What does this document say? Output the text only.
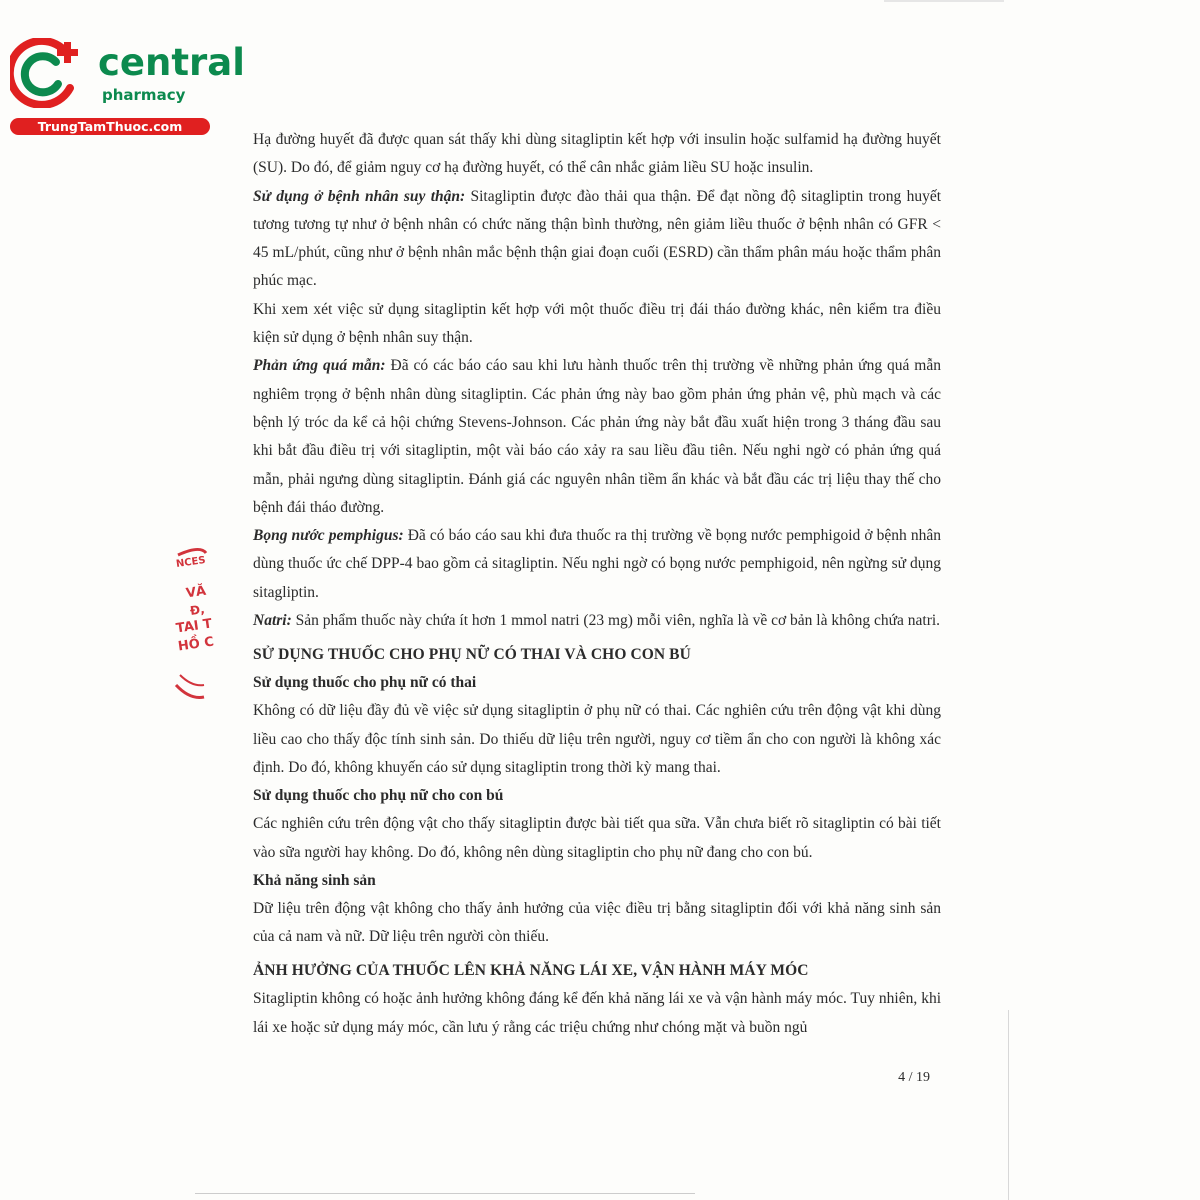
central
pharmacy
TrungTamThuoc.com
NCES
VĂ
Đ,
TAI T
HỒ C

Hạ đường huyết đã được quan sát thấy khi dùng sitagliptin kết hợp với insulin hoặc sulfamid hạ đường huyết (SU). Do đó, để giảm nguy cơ hạ đường huyết, có thể cân nhắc giảm liều SU hoặc insulin.

Sử dụng ở bệnh nhân suy thận: Sitagliptin được đào thải qua thận. Để đạt nồng độ sitagliptin trong huyết tương tương tự như ở bệnh nhân có chức năng thận bình thường, nên giảm liều thuốc ở bệnh nhân có GFR < 45 mL/phút, cũng như ở bệnh nhân mắc bệnh thận giai đoạn cuối (ESRD) cần thẩm phân máu hoặc thẩm phân phúc mạc.

Khi xem xét việc sử dụng sitagliptin kết hợp với một thuốc điều trị đái tháo đường khác, nên kiểm tra điều kiện sử dụng ở bệnh nhân suy thận.

Phản ứng quá mẫn: Đã có các báo cáo sau khi lưu hành thuốc trên thị trường về những phản ứng quá mẫn nghiêm trọng ở bệnh nhân dùng sitagliptin. Các phản ứng này bao gồm phản ứng phản vệ, phù mạch và các bệnh lý tróc da kể cả hội chứng Stevens-Johnson. Các phản ứng này bắt đầu xuất hiện trong 3 tháng đầu sau khi bắt đầu điều trị với sitagliptin, một vài báo cáo xảy ra sau liều đầu tiên. Nếu nghi ngờ có phản ứng quá mẫn, phải ngưng dùng sitagliptin. Đánh giá các nguyên nhân tiềm ẩn khác và bắt đầu các trị liệu thay thế cho bệnh đái tháo đường.

Bọng nước pemphigus: Đã có báo cáo sau khi đưa thuốc ra thị trường về bọng nước pemphigoid ở bệnh nhân dùng thuốc ức chế DPP-4 bao gồm cả sitagliptin. Nếu nghi ngờ có bọng nước pemphigoid, nên ngừng sử dụng sitagliptin.

Natri: Sản phẩm thuốc này chứa ít hơn 1 mmol natri (23 mg) mỗi viên, nghĩa là về cơ bản là không chứa natri.

SỬ DỤNG THUỐC CHO PHỤ NỮ CÓ THAI VÀ CHO CON BÚ
Sử dụng thuốc cho phụ nữ có thai

Không có dữ liệu đầy đủ về việc sử dụng sitagliptin ở phụ nữ có thai. Các nghiên cứu trên động vật khi dùng liều cao cho thấy độc tính sinh sản. Do thiếu dữ liệu trên người, nguy cơ tiềm ẩn cho con người là không xác định. Do đó, không khuyến cáo sử dụng sitagliptin trong thời kỳ mang thai.

Sử dụng thuốc cho phụ nữ cho con bú

Các nghiên cứu trên động vật cho thấy sitagliptin được bài tiết qua sữa. Vẫn chưa biết rõ sitagliptin có bài tiết vào sữa người hay không. Do đó, không nên dùng sitagliptin cho phụ nữ đang cho con bú.

Khả năng sinh sản

Dữ liệu trên động vật không cho thấy ảnh hưởng của việc điều trị bằng sitagliptin đối với khả năng sinh sản của cả nam và nữ. Dữ liệu trên người còn thiếu.

ẢNH HƯỞNG CỦA THUỐC LÊN KHẢ NĂNG LÁI XE, VẬN HÀNH MÁY MÓC

Sitagliptin không có hoặc ảnh hưởng không đáng kể đến khả năng lái xe và vận hành máy móc. Tuy nhiên, khi lái xe hoặc sử dụng máy móc, cần lưu ý rằng các triệu chứng như chóng mặt và buồn ngủ

4 / 19
